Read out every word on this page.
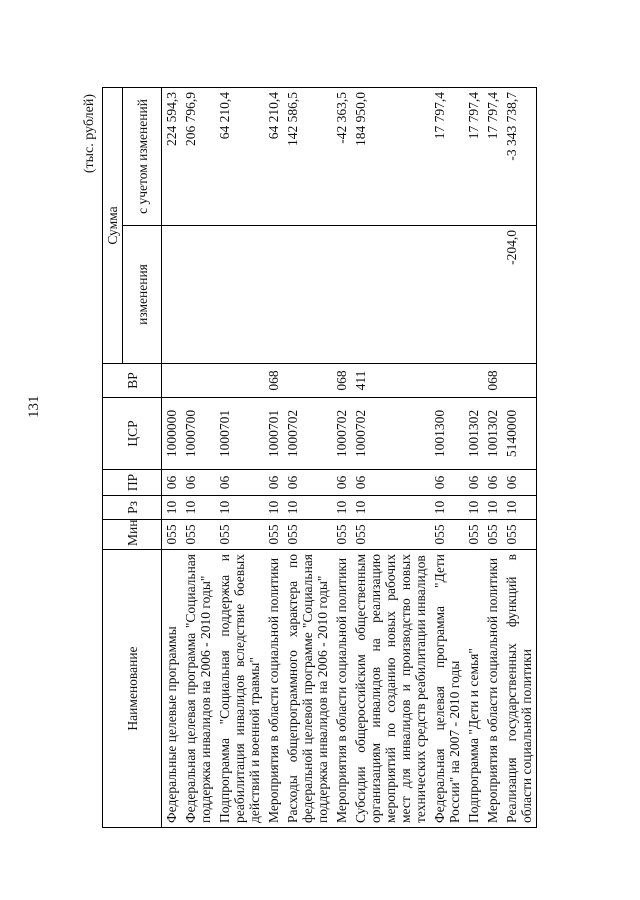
131
(тыс. рублей)
Наименование	Мин	Рз	ПР	ЦСР	ВР	Сумма	
						изменения	с учетом изменений
Федеральные целевые программы	055	10	06	1000000			224 594,3
Федеральная целевая программа "Социальная поддержка инвалидов на 2006 - 2010 годы"	055	10	06	1000700			206 796,9
Подпрограмма "Социальная поддержка и реабилитация инвалидов вследствие боевых действий и военной травмы"	055	10	06	1000701			64 210,4
Мероприятия в области социальной политики	055	10	06	1000701	068		64 210,4
Расходы общепрограммного характера по федеральной целевой программе "Социальная поддержка инвалидов на 2006 - 2010 годы"	055	10	06	1000702			142 586,5
Мероприятия в области социальной политики	055	10	06	1000702	068		-42 363,5
Субсидии общероссийским общественным организациям инвалидов на реализацию мероприятий по созданию новых рабочих мест для инвалидов и производство новых технических средств реабилитации инвалидов	055	10	06	1000702	411		184 950,0
Федеральная целевая программа "Дети России" на 2007 - 2010 годы	055	10	06	1001300			17 797,4
Подпрограмма "Дети и семья"	055	10	06	1001302			17 797,4
Мероприятия в области социальной политики	055	10	06	1001302	068		17 797,4
Реализация государственных функций в области социальной политики	055	10	06	5140000		-204,0	-3 343 738,7
